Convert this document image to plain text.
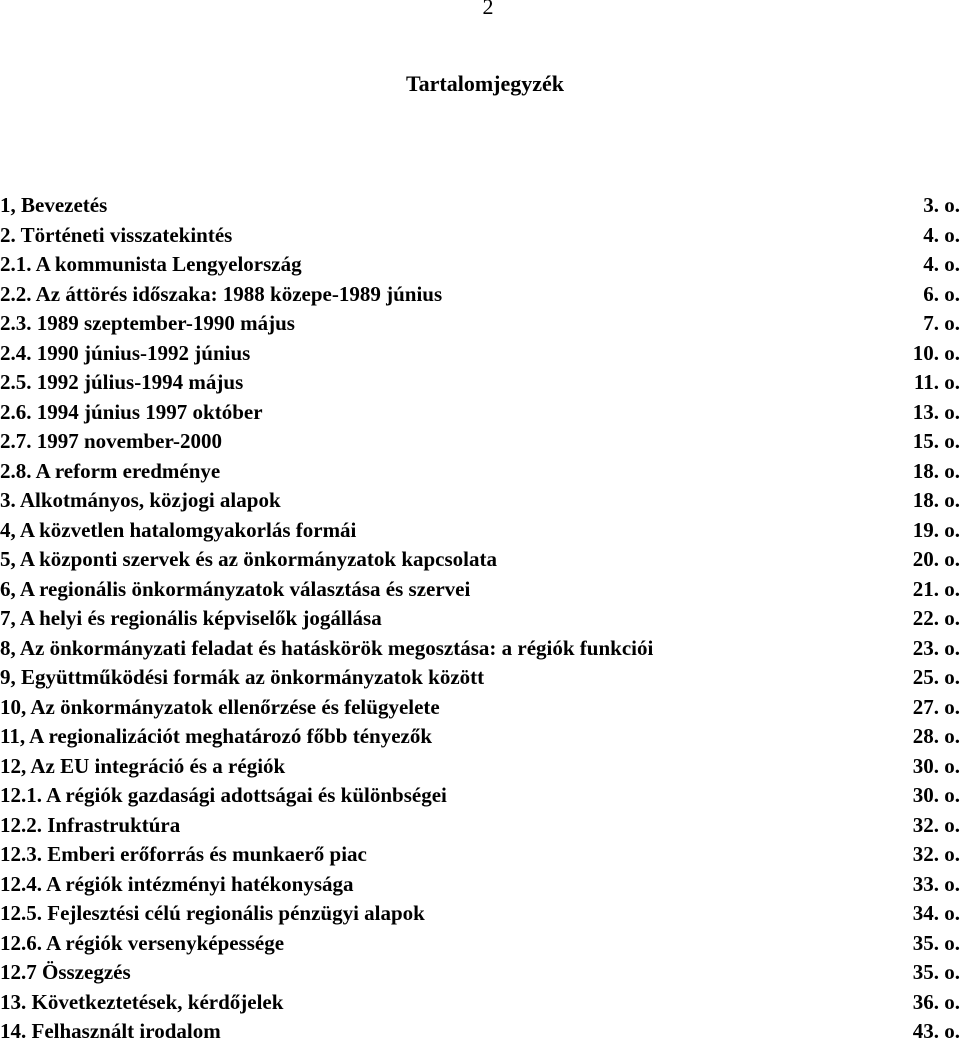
2
Tartalomjegyzék
1, Bevezetés	3. o.
2. Történeti visszatekintés	4. o.
2.1. A kommunista Lengyelország	4. o.
2.2. Az áttörés időszaka: 1988 közepe-1989 június	6. o.
2.3. 1989 szeptember-1990 május	7. o.
2.4. 1990 június-1992 június	10. o.
2.5. 1992 július-1994 május	11. o.
2.6. 1994 június 1997 október	13. o.
2.7. 1997 november-2000	15. o.
2.8. A reform eredménye	18. o.
3. Alkotmányos, közjogi alapok	18. o.
4, A közvetlen hatalomgyakorlás formái	19. o.
5, A központi szervek és az önkormányzatok kapcsolata	20. o.
6, A regionális önkormányzatok választása és szervei	21. o.
7, A helyi és regionális képviselők jogállása	22. o.
8, Az önkormányzati feladat és hatáskörök megosztása: a régiók funkciói	23. o.
9, Együttműködési formák az önkormányzatok között	25. o.
10, Az önkormányzatok ellenőrzése és felügyelete	27. o.
11, A regionalizációt meghatározó főbb tényezők	28. o.
12, Az EU integráció és a régiók	30. o.
12.1. A régiók gazdasági adottságai és különbségei	30. o.
12.2. Infrastruktúra	32. o.
12.3. Emberi erőforrás és munkaerő piac	32. o.
12.4. A régiók intézményi hatékonysága	33. o.
12.5. Fejlesztési célú regionális pénzügyi alapok	34. o.
12.6. A régiók versenyképessége	35. o.
12.7 Összegzés	35. o.
13. Következtetések, kérdőjelek	36. o.
14. Felhasznált irodalom	43. o.
